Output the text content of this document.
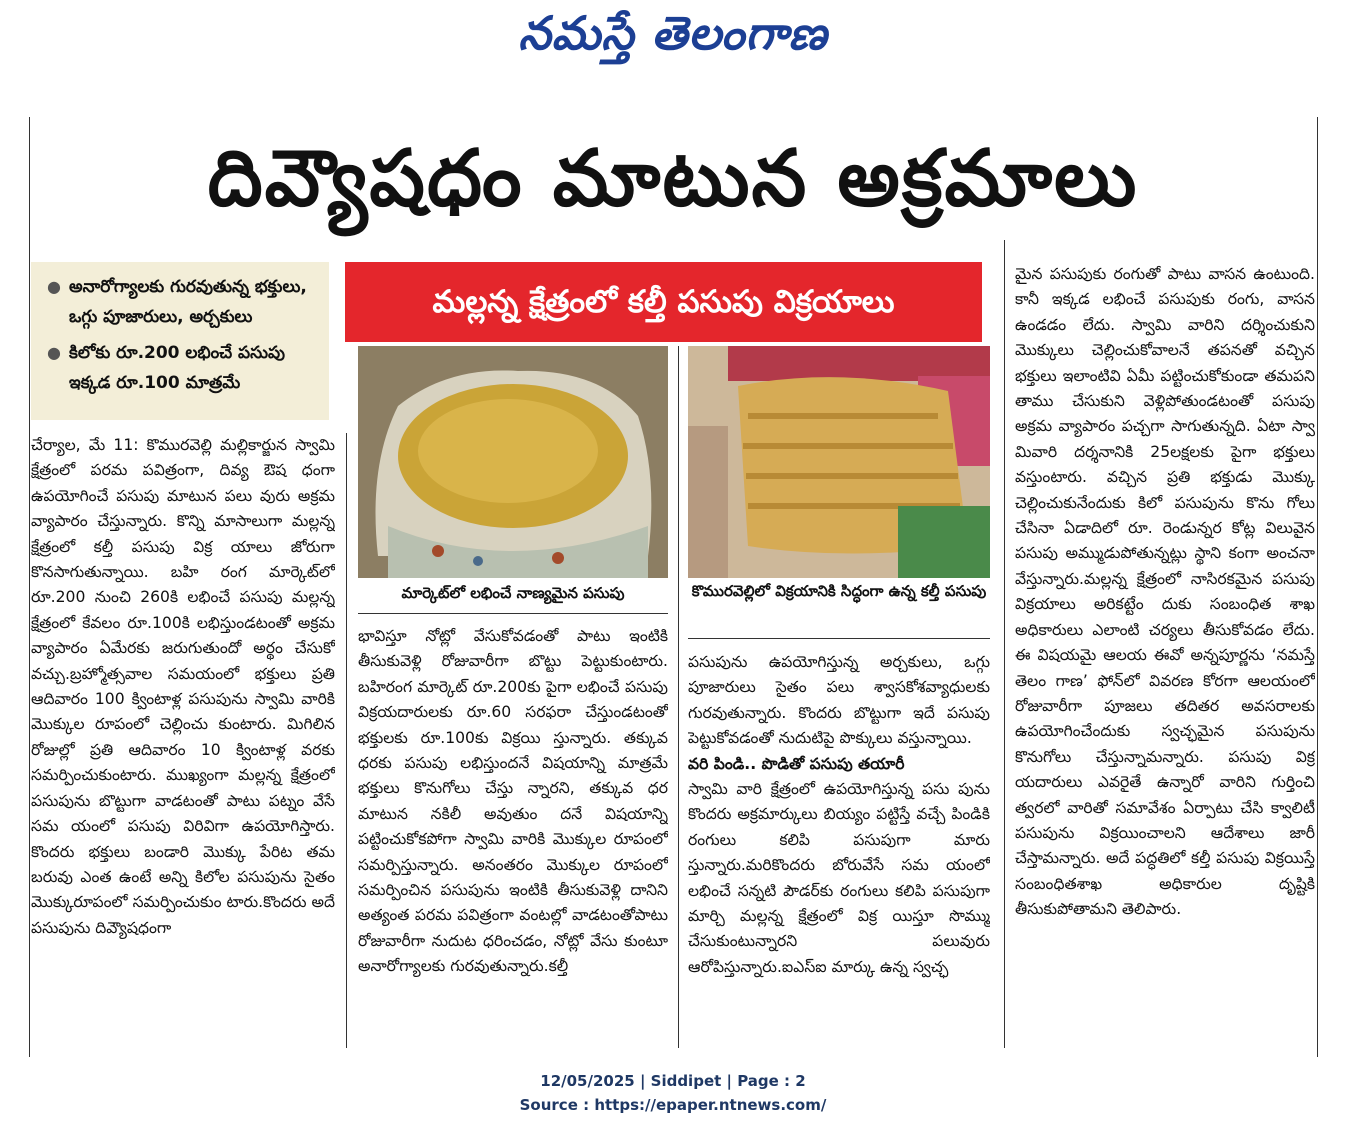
నమస్తే తెలంగాణ
దివ్యౌషధం మాటున అక్రమాలు
● అనారోగ్యాలకు గురవుతున్న భక్తులు, ఒగ్గు పూజారులు, అర్చకులు
● కిలోకు రూ.200 లభించే పసుపు ఇక్కడ రూ.100 మాత్రమే
మల్లన్న క్షేత్రంలో కల్తీ పసుపు విక్రయాలు
మార్కెట్‌లో లభించే నాణ్యమైన పసుపు	కొమురవెల్లిలో విక్రయానికి సిద్ధంగా ఉన్న కల్తీ పసుపు

చేర్యాల, మే 11: కొమురవెల్లి మల్లికార్జున స్వామి క్షేత్రంలో పరమ పవిత్రంగా, దివ్య ఔష ధంగా ఉపయోగించే పసుపు మాటున పలు వురు అక్రమ వ్యాపారం చేస్తున్నారు. కొన్ని మాసాలుగా మల్లన్న క్షేత్రంలో కల్తీ పసుపు విక్ర యాలు జోరుగా కొనసాగుతున్నాయి. బహి రంగ మార్కెట్‌లో రూ.200 నుంచి 260కి లభించే పసుపు మల్లన్న క్షేత్రంలో కేవలం రూ.100కి లభిస్తుండటంతో అక్రమ వ్యాపారం ఏమేరకు జరుగుతుందో అర్థం చేసుకో వచ్చు.బ్రహ్మోత్సవాల సమయంలో భక్తులు ప్రతి ఆదివారం 100 క్వింటాళ్ల పసుపును స్వామి వారికి మొక్కుల రూపంలో చెల్లించు కుంటారు. మిగిలిన రోజుల్లో ప్రతి ఆదివారం 10 క్వింటాళ్ల వరకు సమర్పించుకుంటారు. ముఖ్యంగా మల్లన్న క్షేత్రంలో పసుపును బొట్టుగా వాడటంతో పాటు పట్నం వేసే సమ యంలో పసుపు విరివిగా ఉపయోగిస్తారు. కొందరు భక్తులు బండారి మొక్కు పేరిట తమ బరువు ఎంత ఉంటే అన్ని కిలోల పసుపును సైతం మొక్కురూపంలో సమర్పించుకుం టారు.కొందరు అదే పసుపును దివ్యౌషధంగా

భావిస్తూ నోట్లో వేసుకోవడంతో పాటు ఇంటికి తీసుకువెళ్లి రోజువారీగా బొట్టు పెట్టుకుంటారు. బహిరంగ మార్కెట్ రూ.200కు పైగా లభించే పసుపు విక్రయదారులకు రూ.60 సరఫరా చేస్తుండటంతో భక్తులకు రూ.100కు విక్రయి స్తున్నారు. తక్కువ ధరకు పసుపు లభిస్తుందనే విషయాన్ని మాత్రమే భక్తులు కొనుగోలు చేస్తు న్నారని, తక్కువ ధర మాటున నకిలీ అవుతుం దనే విషయాన్ని పట్టించుకోకపోగా స్వామి వారికి మొక్కుల రూపంలో సమర్పిస్తున్నారు. అనంతరం మొక్కుల రూపంలో సమర్పించిన పసుపును ఇంటికి తీసుకువెళ్లి దానిని అత్యంత పరమ పవిత్రంగా వంటల్లో వాడటంతోపాటు రోజువారీగా నుదుట ధరించడం, నోట్లో వేసు కుంటూ అనారోగ్యాలకు గురవుతున్నారు.కల్తీ

పసుపును ఉపయోగిస్తున్న అర్చకులు, ఒగ్గు పూజారులు సైతం పలు శ్వాసకోశవ్యాధులకు గురవుతున్నారు. కొందరు బొట్టుగా ఇదే పసుపు పెట్టుకోవడంతో నుదుటిపై పొక్కులు వస్తున్నాయి.

వరి పిండి.. పొడితో పసుపు తయారీ

స్వామి వారి క్షేత్రంలో ఉపయోగిస్తున్న పసు పును కొందరు అక్రమార్కులు బియ్యం పట్టిస్తే వచ్చే పిండికి రంగులు కలిపి పసుపుగా మారు స్తున్నారు.మరికొందరు బోరువేసే సమ యంలో లభించే సన్నటి పౌడర్‌కు రంగులు కలిపి పసుపుగా మార్చి మల్లన్న క్షేత్రంలో విక్ర యిస్తూ సొమ్ము చేసుకుంటున్నారని పలువురు ఆరోపిస్తున్నారు.ఐఎస్ఐ మార్కు ఉన్న స్వచ్ఛ

మైన పసుపుకు రంగుతో పాటు వాసన ఉంటుంది. కానీ ఇక్కడ లభించే పసుపుకు రంగు, వాసన ఉండడం లేదు. స్వామి వారిని దర్శించుకుని మొక్కులు చెల్లించుకోవాలనే తపనతో వచ్చిన భక్తులు ఇలాంటివి ఏమీ పట్టించుకోకుండా తమపని తాము చేసుకుని వెళ్లిపోతుండటంతో పసుపు అక్రమ వ్యాపారం పచ్చగా సాగుతున్నది. ఏటా స్వా మివారి దర్శనానికి 25లక్షలకు పైగా భక్తులు వస్తుంటారు. వచ్చిన ప్రతి భక్తుడు మొక్కు చెల్లించుకునేందుకు కిలో పసుపును కొను గోలు చేసినా ఏడాదిలో రూ. రెండున్నర కోట్ల విలువైన పసుపు అమ్ముడుపోతున్నట్లు స్థాని కంగా అంచనా వేస్తున్నారు.మల్లన్న క్షేత్రంలో నాసిరకమైన పసుపు విక్రయాలు అరికట్టేం దుకు సంబంధిత శాఖ అధికారులు ఎలాంటి చర్యలు తీసుకోవడం లేదు. ఈ విషయమై ఆలయ ఈవో అన్నపూర్ణను ‘నమస్తే తెలం గాణ’ ఫోన్‌లో వివరణ కోరగా ఆలయంలో రోజువారీగా పూజలు తదితర అవసరాలకు ఉపయోగించేందుకు స్వచ్ఛమైన పసుపును కొనుగోలు చేస్తున్నామన్నారు. పసుపు విక్ర యదారులు ఎవరైతే ఉన్నారో వారిని గుర్తించి త్వరలో వారితో సమావేశం ఏర్పాటు చేసి క్వాలిటీ పసుపును విక్రయించాలని ఆదేశాలు జారీ చేస్తామన్నారు. అదే పద్ధతిలో కల్తీ పసుపు విక్రయిస్తే సంబంధితశాఖ అధికారుల దృష్టికి తీసుకుపోతామని తెలిపారు.

12/05/2025 | Siddipet | Page : 2
Source : https://epaper.ntnews.com/
